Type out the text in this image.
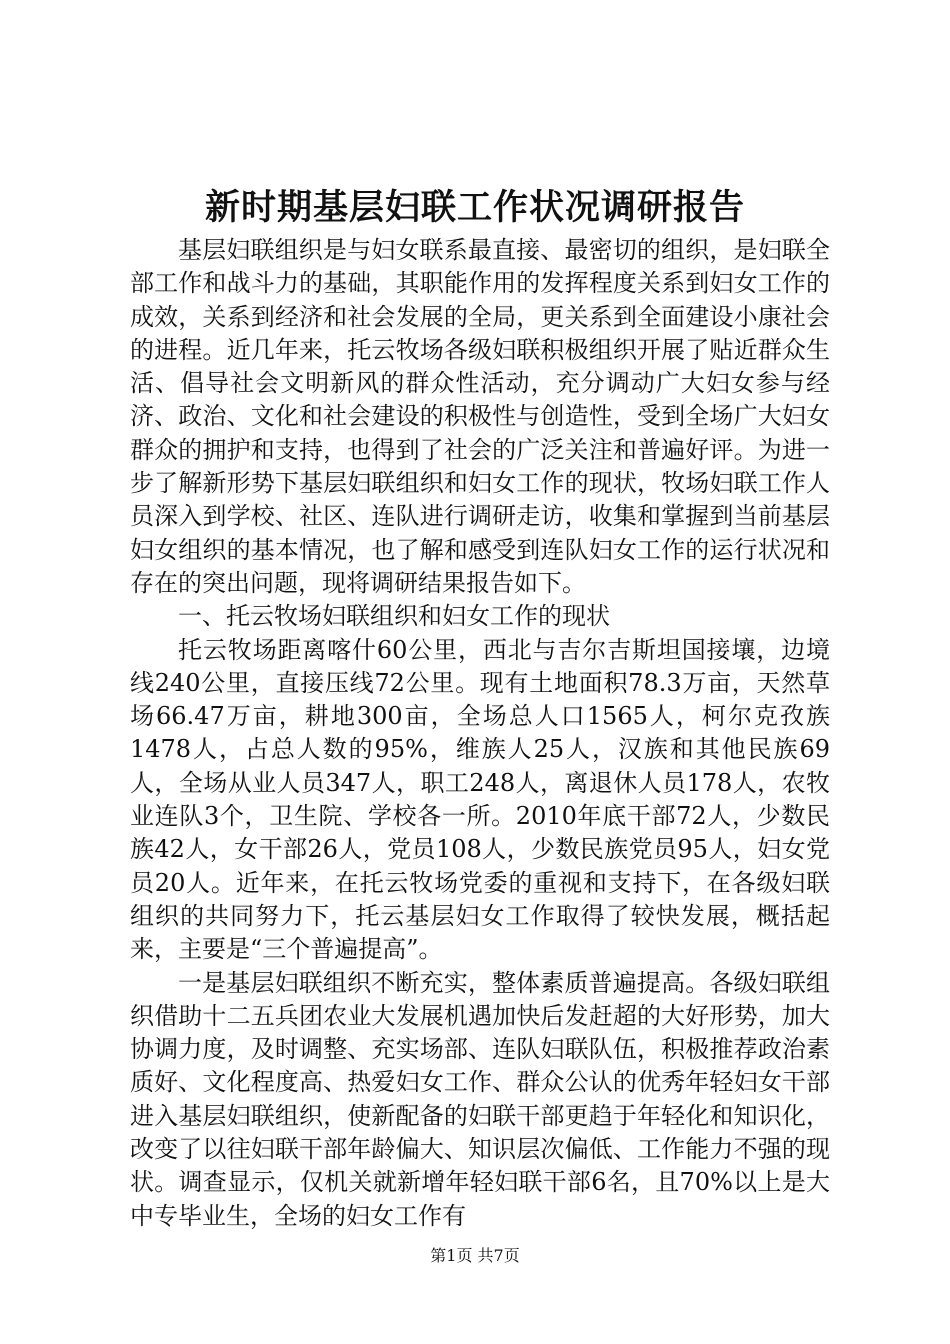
新时期基层妇联工作状况调研报告

基层妇联组织是与妇女联系最直接、最密切的组织，是妇联全部工作和战斗力的基础，其职能作用的发挥程度关系到妇女工作的成效，关系到经济和社会发展的全局，更关系到全面建设小康社会的进程。近几年来，托云牧场各级妇联积极组织开展了贴近群众生活、倡导社会文明新风的群众性活动，充分调动广大妇女参与经济、政治、文化和社会建设的积极性与创造性，受到全场广大妇女群众的拥护和支持，也得到了社会的广泛关注和普遍好评。为进一步了解新形势下基层妇联组织和妇女工作的现状，牧场妇联工作人员深入到学校、社区、连队进行调研走访，收集和掌握到当前基层妇女组织的基本情况，也了解和感受到连队妇女工作的运行状况和存在的突出问题，现将调研结果报告如下。

一、托云牧场妇联组织和妇女工作的现状

托云牧场距离喀什60公里，西北与吉尔吉斯坦国接壤，边境线240公里，直接压线72公里。现有土地面积78.3万亩，天然草场66.47万亩，耕地300亩，全场总人口1565人，柯尔克孜族1478人，占总人数的95%，维族人25人，汉族和其他民族69人，全场从业人员347人，职工248人，离退休人员178人，农牧业连队3个，卫生院、学校各一所。2010年底干部72人，少数民族42人，女干部26人，党员108人，少数民族党员95人，妇女党员20人。近年来，在托云牧场党委的重视和支持下，在各级妇联组织的共同努力下，托云基层妇女工作取得了较快发展，概括起来，主要是“三个普遍提高”。

一是基层妇联组织不断充实，整体素质普遍提高。各级妇联组织借助十二五兵团农业大发展机遇加快后发赶超的大好形势，加大协调力度，及时调整、充实场部、连队妇联队伍，积极推荐政治素质好、文化程度高、热爱妇女工作、群众公认的优秀年轻妇女干部进入基层妇联组织，使新配备的妇联干部更趋于年轻化和知识化，改变了以往妇联干部年龄偏大、知识层次偏低、工作能力不强的现状。调查显示，仅机关就新增年轻妇联干部6名，且70%以上是大中专毕业生，全场的妇女工作有

第1页 共7页
